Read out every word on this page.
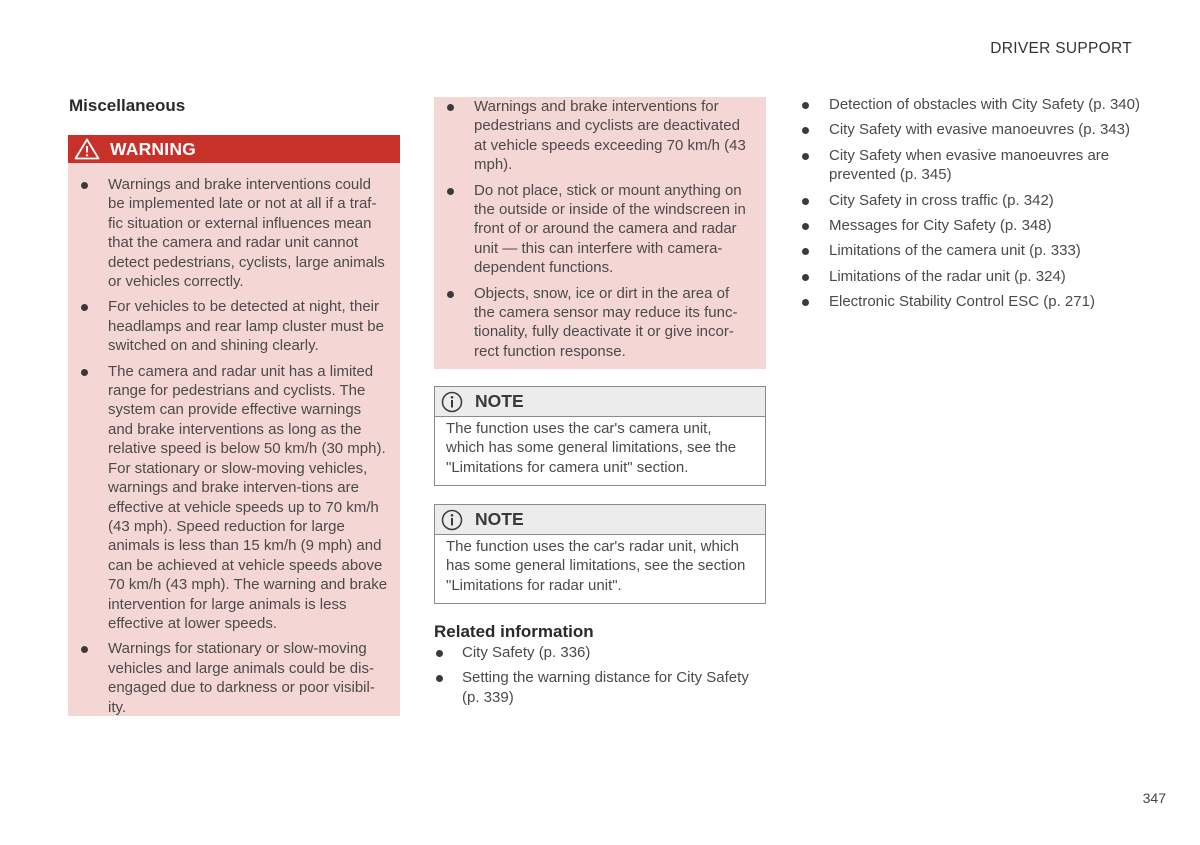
DRIVER SUPPORT
347
Miscellaneous
WARNING
Warnings and brake interventions could be implemented late or not at all if a traf-fic situation or external influences mean that the camera and radar unit cannot detect pedestrians, cyclists, large animals or vehicles correctly.
For vehicles to be detected at night, their headlamps and rear lamp cluster must be switched on and shining clearly.
The camera and radar unit has a limited range for pedestrians and cyclists. The system can provide effective warnings and brake interventions as long as the relative speed is below 50 km/h (30 mph). For stationary or slow-moving vehicles, warnings and brake interven-tions are effective at vehicle speeds up to 70 km/h (43 mph). Speed reduction for large animals is less than 15 km/h (9 mph) and can be achieved at vehicle speeds above 70 km/h (43 mph). The warning and brake intervention for large animals is less effective at lower speeds.
Warnings for stationary or slow-moving vehicles and large animals could be dis-engaged due to darkness or poor visibil-ity.
Warnings and brake interventions for pedestrians and cyclists are deactivated at vehicle speeds exceeding 70 km/h (43 mph).
Do not place, stick or mount anything on the outside or inside of the windscreen in front of or around the camera and radar unit — this can interfere with camera-dependent functions.
Objects, snow, ice or dirt in the area of the camera sensor may reduce its func-tionality, fully deactivate it or give incor-rect function response.
NOTE
The function uses the car's camera unit, which has some general limitations, see the "Limitations for camera unit" section.
NOTE
The function uses the car's radar unit, which has some general limitations, see the section "Limitations for radar unit".
Related information
City Safety (p. 336)
Setting the warning distance for City Safety (p. 339)
Detection of obstacles with City Safety (p. 340)
City Safety with evasive manoeuvres (p. 343)
City Safety when evasive manoeuvres are prevented (p. 345)
City Safety in cross traffic (p. 342)
Messages for City Safety (p. 348)
Limitations of the camera unit (p. 333)
Limitations of the radar unit (p. 324)
Electronic Stability Control ESC (p. 271)
